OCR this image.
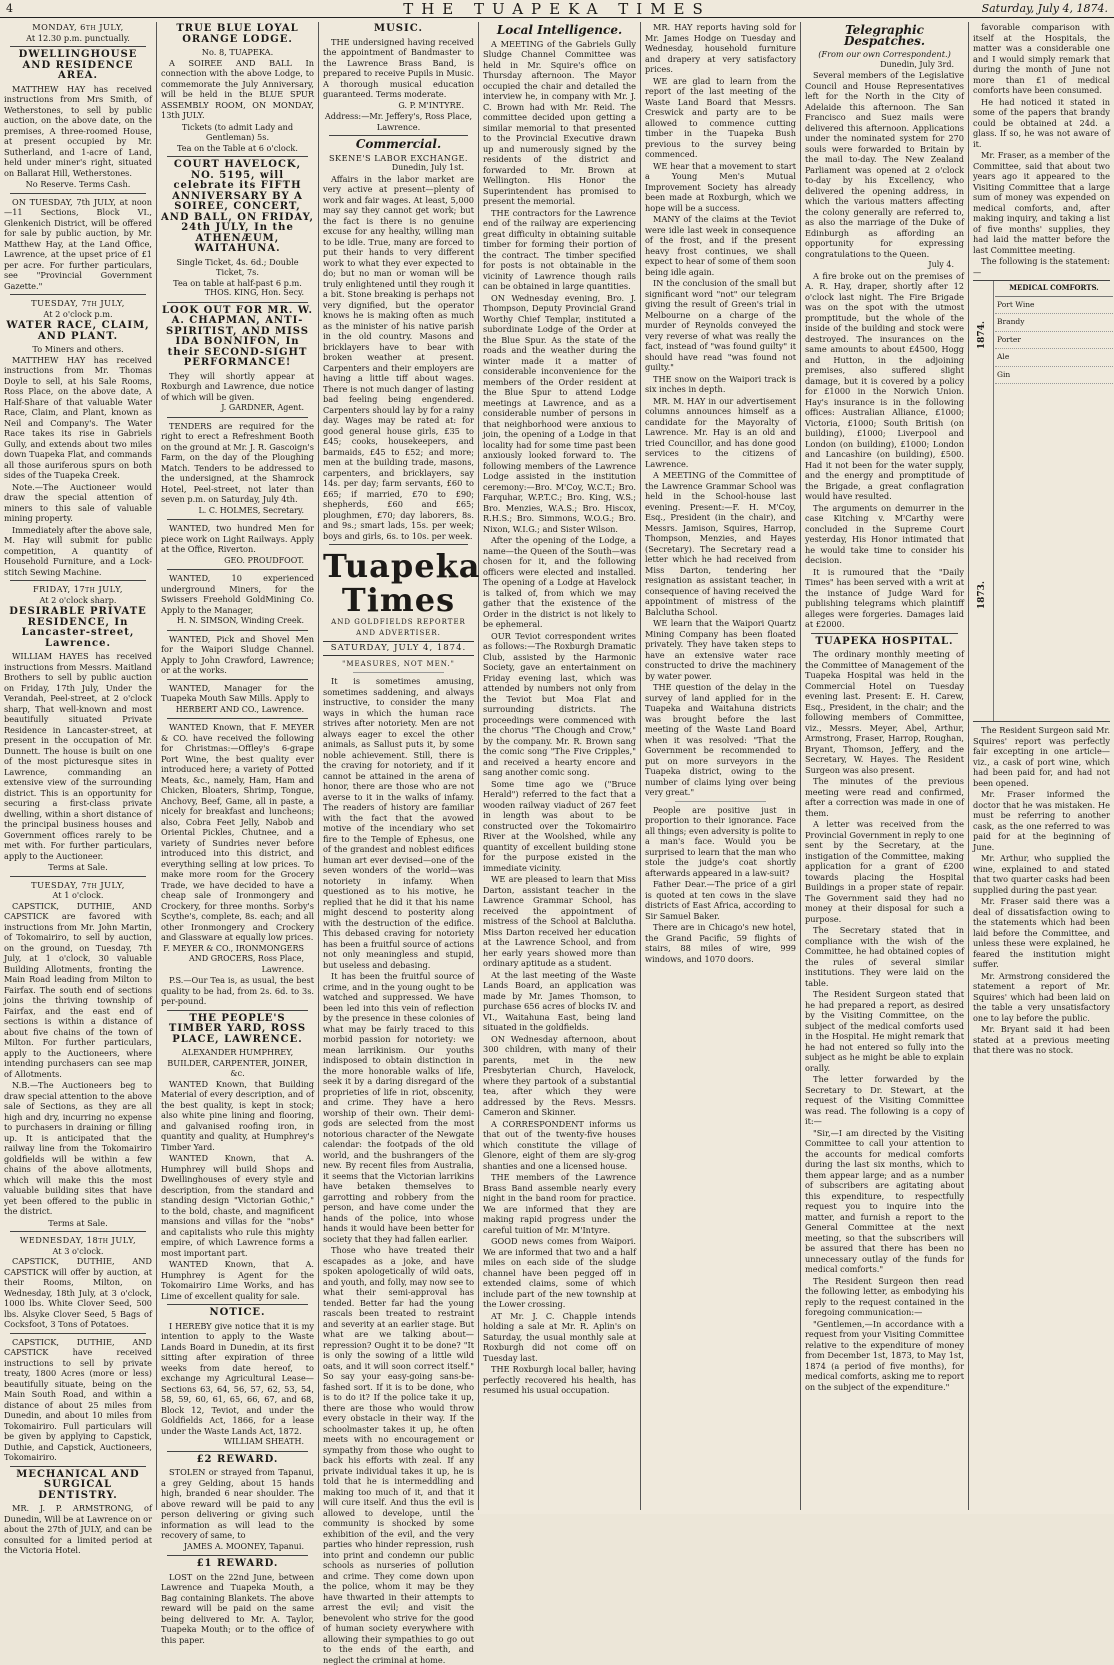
4	THE TUAPEKA TIMES	Saturday, July 4, 1874.
MONDAY, 6th JULY,
At 12.30 p.m. punctually.
DWELLINGHOUSE AND RESIDENCE AREA.

MATTHEW HAY has received instructions from Mrs Smith, of Wetherstones, to sell by public auction, on the above date, on the premises, A three-roomed House, at present occupied by Mr. Sutherland, and 1-acre of Land, held under miner's right, situated on Ballarat Hill, Wetherstones.

No Reserve. Terms Cash.

ON TUESDAY, 7th JULY, at noon—11 Sections, Block VI., Glenkenich District, will be offered for sale by public auction, by Mr. Matthew Hay, at the Land Office, Lawrence, at the upset price of £1 per acre. For further particulars, see "Provincial Government Gazette."

TUESDAY, 7th JULY,
At 2 o'clock p.m.
WATER RACE, CLAIM, AND PLANT.
To Miners and others.

MATTHEW HAY has received instructions from Mr. Thomas Doyle to sell, at his Sale Rooms, Ross Place, on the above date, A Half-Share of that valuable Water Race, Claim, and Plant, known as Neil and Company's. The Water Race takes its rise in Gabriels Gully, and extends about two miles down Tuapeka Flat, and commands all those auriferous spurs on both sides of the Tuapeka Creek.

Note.—The Auctioneer would draw the special attention of miners to this sale of valuable mining property.

Immediately after the above sale, M. Hay will submit for public competition, A quantity of Household Furniture, and a Lock-stitch Sewing Machine.

FRIDAY, 17th JULY,
At 2 o'clock sharp.
DESIRABLE PRIVATE RESIDENCE, In Lancaster-street, Lawrence.

WILLIAM HAYES has received instructions from Messrs. Maitland Brothers to sell by public auction on Friday, 17th July, Under the Verandah, Peel-street, at 2 o'clock sharp, That well-known and most beautifully situated Private Residence in Lancaster-street, at present in the occupation of Mr. Dunnett. The house is built on one of the most picturesque sites in Lawrence, commanding an extensive view of the surrounding district. This is an opportunity for securing a first-class private dwelling, within a short distance of the principal business houses and Government offices rarely to be met with. For further particulars, apply to the Auctioneer.

Terms at Sale.
TUESDAY, 7th JULY,
At 1 o'clock.

CAPSTICK, DUTHIE, AND CAPSTICK are favored with instructions from Mr. John Martin, of Tokomairiro, to sell by auction, on the ground, on Tuesday, 7th July, at 1 o'clock, 30 valuable Building Allotments, fronting the Main Road leading from Milton to Fairfax. The south end of sections joins the thriving township of Fairfax, and the east end of sections is within a distance of about five chains of the town of Milton. For further particulars, apply to the Auctioneers, where intending purchasers can see map of Allotments.

N.B.—The Auctioneers beg to draw special attention to the above sale of Sections, as they are all high and dry, incurring no expense to purchasers in draining or filling up. It is anticipated that the railway line from the Tokomairiro goldfields will be within a few chains of the above allotments, which will make this the most valuable building sites that have yet been offered to the public in the district.

Terms at Sale.
WEDNESDAY, 18th JULY,
At 3 o'clock.

CAPSTICK, DUTHIE, AND CAPSTICK will offer by auction, at their Rooms, Milton, on Wednesday, 18th July, at 3 o'clock, 1000 lbs. White Clover Seed, 500 lbs. Alsyke Clover Seed, 5 Bags of Cocksfoot, 3 Tons of Potatoes.

CAPSTICK, DUTHIE, AND CAPSTICK have received instructions to sell by private treaty, 1800 Acres (more or less) beautifully situate, being on the Main South Road, and within a distance of about 25 miles from Dunedin, and about 10 miles from Tokomairiro. Full particulars will be given by applying to Capstick, Duthie, and Capstick, Auctioneers, Tokomairiro.

MECHANICAL AND SURGICAL DENTISTRY.

MR. J. P. ARMSTRONG, of Dunedin, Will be at Lawrence on or about the 27th of JULY, and can be consulted for a limited period at the Victoria Hotel.

TRUE BLUE LOYAL ORANGE LODGE.
No. 8, TUAPEKA.

A SOIREE AND BALL In connection with the above Lodge, to commemorate the July Anniversary, will be held in the BLUE SPUR ASSEMBLY ROOM, ON MONDAY, 13th JULY.

Tickets (to admit Lady and Gentleman) 5s.
Tea on the Table at 6 o'clock.
COURT HAVELOCK, NO. 5195, will celebrate its FIFTH ANNIVERSARY BY A SOIREE, CONCERT, AND BALL, ON FRIDAY, 24th JULY, In the ATHENÆUM, WAITAHUNA.
Single Ticket, 4s. 6d.; Double Ticket, 7s.
Tea on table at half-past 6 p.m.
THOS. KING, Hon. Secy.
LOOK OUT FOR MR. W. A. CHAPMAN, ANTI-SPIRITIST, AND MISS IDA BONNIFON, In their SECOND-SIGHT PERFORMANCE!

They will shortly appear at Roxburgh and Lawrence, due notice of which will be given.

J. GARDNER, Agent.

TENDERS are required for the right to erect a Refreshment Booth on the ground at Mr. J. R. Gascoign's Farm, on the day of the Ploughing Match. Tenders to be addressed to the undersigned, at the Shamrock Hotel, Peel-street, not later than seven p.m. on Saturday, July 4th.

L. C. HOLMES, Secretary.

WANTED, two hundred Men for piece work on Light Railways. Apply at the Office, Riverton.

GEO. PROUDFOOT.

WANTED, 10 experienced underground Miners, for the Swissers Freehold GoldMining Co. Apply to the Manager,

H. N. SIMSON, Winding Creek.

WANTED, Pick and Shovel Men for the Waipori Sludge Channel. Apply to John Crawford, Lawrence; or at the works.

WANTED, Manager for the Tuapeka Mouth Saw Mills. Apply to

HERBERT AND CO., Lawrence.

WANTED Known, that F. MEYER & CO. have received the following for Christmas:—Offley's 6-grape Port Wine, the best quality ever introduced here; a variety of Potted Meats, &c., namely, Ham, Ham and Chicken, Bloaters, Shrimp, Tongue, Anchovy, Beef, Game, all in paste, a nicely for breakfast and luncheons; also, Cobra Feet Jelly, Nabob and Oriental Pickles, Chutnee, and a variety of Sundries never before introduced into this district, and everything selling at low prices. To make more room for the Grocery Trade, we have decided to have a cheap sale of Ironmongery and Crockery, for three months. Sorby's Scythe's, complete, 8s. each; and all other Ironmongery and Crockery and Glassware at equally low prices.

F. MEYER & CO., IRONMONGERS AND GROCERS, Ross Place, Lawrence.

P.S.—Our Tea is, as usual, the best quality to be had, from 2s. 6d. to 3s. per-pound.

THE PEOPLE'S TIMBER YARD, ROSS PLACE, LAWRENCE.
ALEXANDER HUMPHREY, BUILDER, CARPENTER, JOINER, &c.

WANTED Known, that Building Material of every description, and of the best quality, is kept in stock; also white pine lining and flooring, and galvanised roofing iron, in quantity and quality, at Humphrey's Timber Yard.

WANTED Known, that A. Humphrey will build Shops and Dwellinghouses of every style and description, from the standard and standing design "Victorian Gothic," to the bold, chaste, and magnificent mansions and villas for the "nobs" and capitalists who rule this mighty empire, of which Lawrence forms a most important part.

WANTED Known, that A. Humphrey is Agent for the Tokomairiro Lime Works, and has Lime of excellent quality for sale.

NOTICE.

I HEREBY give notice that it is my intention to apply to the Waste Lands Board in Dunedin, at its first sitting after expiration of three weeks from date hereof, to exchange my Agricultural Lease—Sections 63, 64, 56, 57, 62, 53, 54, 58, 59, 60, 61, 65, 66, 67, and 68, Block 12, Teviot, and under the Goldfields Act, 1866, for a lease under the Waste Lands Act, 1872.

WILLIAM SHEATH.
£2 REWARD.

STOLEN or strayed from Tapanui, a grey Gelding, about 15 hands high, branded 6 near shoulder. The above reward will be paid to any person delivering or giving such information as will lead to the recovery of same, to

JAMES A. MOONEY, Tapanui.
£1 REWARD.

LOST on the 22nd June, between Lawrence and Tuapeka Mouth, a Bag containing Blankets. The above reward will be paid on the same being delivered to Mr. A. Taylor, Tuapeka Mouth; or to the office of this paper.

MUSIC.

THE undersigned having received the appointment of Bandmaster to the Lawrence Brass Band, is prepared to receive Pupils in Music. A thorough musical education guaranteed. Terms moderate.

G. P. M'INTYRE.
Address:—Mr. Jeffery's, Ross Place, Lawrence.
Commercial.
SKENE'S LABOR EXCHANGE.
Dunedin, July 1st.

Affairs in the labor market are very active at present—plenty of work and fair wages. At least, 5,000 may say they cannot get work; but the fact is there is no genuine excuse for any healthy, willing man to be idle. True, many are forced to put their hands to very different work to what they ever expected to do; but no man or woman will be truly enlightened until they rough it a bit. Stone breaking is perhaps not very dignified, but the operator knows he is making often as much as the minister of his native parish in the old country. Masons and bricklayers have to bear with broken weather at present. Carpenters and their employers are having a little tiff about wages. There is not much danger of lasting bad feeling being engendered. Carpenters should lay by for a rainy day. Wages may be rated at: for good general house girls, £35 to £45; cooks, housekeepers, and barmaids, £45 to £52; and more; men at the building trade, masons, carpenters, and bricklayers, say 14s. per day; farm servants, £60 to £65; if married, £70 to £90; shepherds, £60 and £65; ploughmen, £70; day laborers, 8s. and 9s.; smart lads, 15s. per week; boys and girls, 6s. to 10s. per week.

Tuapeka Times
AND GOLDFIELDS REPORTER AND ADVERTISER.
SATURDAY, JULY 4, 1874.
"MEASURES, NOT MEN."

It is sometimes amusing, sometimes saddening, and always instructive, to consider the many ways in which the human race strives after notoriety. Men are not always eager to excel the other animals, as Sallust puts it, by some noble achievement. Still, there is the craving for notoriety, and if it cannot be attained in the arena of honor, there are those who are not averse to it in the walks of infamy. The readers of history are familiar with the fact that the avowed motive of the incendiary who set fire to the Temple of Ephesus, one of the grandest and noblest edifices human art ever devised—one of the seven wonders of the world—was notoriety in infamy. When questioned as to his motive, he replied that he did it that his name might descend to posterity along with the destruction of the edifice. This debased craving for notoriety has been a fruitful source of actions not only meaningless and stupid, but useless and debasing.

It has been the fruitful source of crime, and in the young ought to be watched and suppressed. We have been led into this vein of reflection by the presence in these colonies of what may be fairly traced to this morbid passion for notoriety: we mean larrikinism. Our youths indisposed to obtain distinction in the more honorable walks of life, seek it by a daring disregard of the proprieties of life in riot, obscenity, and crime. They have a hero worship of their own. Their demi-gods are selected from the most notorious character of the Newgate calendar: the footpads of the old world, and the bushrangers of the new. By recent files from Australia, it seems that the Victorian larrikins have betaken themselves to garrotting and robbery from the person, and have come under the hands of the police, into whose hands it would have been better for society that they had fallen earlier.

Those who have treated their escapades as a joke, and have spoken apologetically of wild oats, and youth, and folly, may now see to what their semi-approval has tended. Better far had the young rascals been treated to restraint and severity at an earlier stage. But what are we talking about—repression? Ought it to be done? "It is only the sowing of a little wild oats, and it will soon correct itself." So say your easy-going sans-be-fashed sort. If it is to be done, who is to do it? If the police take it up, there are those who would throw every obstacle in their way. If the schoolmaster takes it up, he often meets with no encouragement or sympathy from those who ought to back his efforts with zeal. If any private individual takes it up, he is told that he is intermeddling and making too much of it, and that it will cure itself. And thus the evil is allowed to develope, until the community is shocked by some exhibition of the evil, and the very parties who hinder repression, rush into print and condemn our public schools as nurseries of pollution and crime. They come down upon the police, whom it may be they have thwarted in their attempts to arrest the evil; and visit the benevolent who strive for the good of human society everywhere with allowing their sympathies to go out to the ends of the earth, and neglect the criminal at home.

Local Intelligence.

A MEETING of the Gabriels Gully Sludge Channel Committee was held in Mr. Squire's office on Thursday afternoon. The Mayor occupied the chair and detailed the interview he, in company with Mr. J. C. Brown had with Mr. Reid. The committee decided upon getting a similar memorial to that presented to the Provincial Executive drawn up and numerously signed by the residents of the district and forwarded to Mr. Brown at Wellington. His Honor the Superintendent has promised to present the memorial.

THE contractors for the Lawrence end of the railway are experiencing great difficulty in obtaining suitable timber for forming their portion of the contract. The timber specified for posts is not obtainable in the vicinity of Lawrence though rails can be obtained in large quantities.

ON Wednesday evening, Bro. J. Thompson, Deputy Provincial Grand Worthy Chief Templar, instituted a subordinate Lodge of the Order at the Blue Spur. As the state of the roads and the weather during the winter made it a matter of considerable inconvenience for the members of the Order resident at the Blue Spur to attend Lodge meetings at Lawrence, and as a considerable number of persons in that neighborhood were anxious to join, the opening of a Lodge in that locality had for some time past been anxiously looked forward to. The following members of the Lawrence Lodge assisted in the institution ceremony:—Bro. M'Coy, W.C.T.; Bro. Farquhar, W.P.T.C.; Bro. King, W.S.; Bro. Menzies, W.A.S.; Bro. Hiscox, R.H.S.; Bro. Simmons, W.O.G.; Bro. Nixon, W.I.G.; and Sister Wilson.

After the opening of the Lodge, a name—the Queen of the South—was chosen for it, and the following officers were elected and installed. The opening of a Lodge at Havelock is talked of, from which we may gather that the existence of the Order in the district is not likely to be ephemeral.

OUR Teviot correspondent writes as follows:—The Roxburgh Dramatic Club, assisted by the Harmonic Society, gave an entertainment on Friday evening last, which was attended by numbers not only from the Teviot but Moa Flat and surrounding districts. The proceedings were commenced with the chorus "The Chough and Crow," by the company. Mr. R. Brown sang the comic song "The Five Cripples," and received a hearty encore and sang another comic song.

Some time ago we ("Bruce Herald") referred to the fact that a wooden railway viaduct of 267 feet in length was about to be constructed over the Tokomairiro River at the Woolshed, while any quantity of excellent building stone for the purpose existed in the immediate vicinity.

WE are pleased to learn that Miss Darton, assistant teacher in the Lawrence Grammar School, has received the appointment of mistress of the School at Balclutha. Miss Darton received her education at the Lawrence School, and from her early years showed more than ordinary aptitude as a student.

At the last meeting of the Waste Lands Board, an application was made by Mr. James Thomson, to purchase 656 acres of blocks IV. and VI., Waitahuna East, being land situated in the goldfields.

ON Wednesday afternoon, about 300 children, with many of their parents, met in the new Presbyterian Church, Havelock, where they partook of a substantial tea, after which they were addressed by the Revs. Messrs. Cameron and Skinner.

A CORRESPONDENT informs us that out of the twenty-five houses which constitute the village of Glenore, eight of them are sly-grog shanties and one a licensed house.

THE members of the Lawrence Brass Band assemble nearly every night in the band room for practice. We are informed that they are making rapid progress under the careful tuition of Mr. M'Intyre.

GOOD news comes from Waipori. We are informed that two and a half miles on each side of the sludge channel have been pegged off in extended claims, some of which include part of the new township at the Lower crossing.

AT Mr. J. C. Chapple intends holding a sale at Mr. R. Aplin's on Saturday, the usual monthly sale at Roxburgh did not come off on Tuesday last.

THE Roxburgh local baller, having perfectly recovered his health, has resumed his usual occupation.

MR. HAY reports having sold for Mr. James Hodge on Tuesday and Wednesday, household furniture and drapery at very satisfactory prices.

WE are glad to learn from the report of the last meeting of the Waste Land Board that Messrs. Creswick and party are to be allowed to commence cutting timber in the Tuapeka Bush previous to the survey being commenced.

WE hear that a movement to start a Young Men's Mutual Improvement Society has already been made at Roxburgh, which we hope will be a success.

MANY of the claims at the Teviot were idle last week in consequence of the frost, and if the present heavy frost continues, we shall expect to hear of some of them soon being idle again.

IN the conclusion of the small but significant word "not" our telegram giving the result of Green's trial in Melbourne on a charge of the murder of Reynolds conveyed the very reverse of what was really the fact, instead of "was found guilty" it should have read "was found not guilty."

THE snow on the Waipori track is six inches in depth.

MR. M. HAY in our advertisement columns announces himself as a candidate for the Mayoralty of Lawrence. Mr. Hay is an old and tried Councillor, and has done good services to the citizens of Lawrence.

A MEETING of the Committee of the Lawrence Grammar School was held in the School-house last evening. Present:—F. H. M'Coy, Esq., President (in the chair), and Messrs. Jamison, Squires, Harrop, Thompson, Menzies, and Hayes (Secretary). The Secretary read a letter which he had received from Miss Darton, tendering her resignation as assistant teacher, in consequence of having received the appointment of mistress of the Balclutha School.

WE learn that the Waipori Quartz Mining Company has been floated privately. They have taken steps to have an extensive water race constructed to drive the machinery by water power.

THE question of the delay in the survey of land applied for in the Tuapeka and Waitahuna districts was brought before the last meeting of the Waste Land Board when it was resolved: "That the Government be recommended to put on more surveyors in the Tuapeka district, owing to the number of claims lying over being very great."

People are positive just in proportion to their ignorance. Face all things; even adversity is polite to a man's face. Would you be surprised to learn that the man who stole the judge's coat shortly afterwards appeared in a law-suit?

Father Dear.—The price of a girl is quoted at ten cows in the slave districts of East Africa, according to Sir Samuel Baker.

There are in Chicago's new hotel, the Grand Pacific, 59 flights of stairs, 88 miles of wire, 999 windows, and 1070 doors.

Telegraphic Despatches.
(From our own Correspondent.)
Dunedin, July 3rd.

Several members of the Legislative Council and House Representatives left for the North in the City of Adelaide this afternoon. The San Francisco and Suez mails were delivered this afternoon. Applications under the nominated system for 270 souls were forwarded to Britain by the mail to-day. The New Zealand Parliament was opened at 2 o'clock to-day by his Excellency, who delivered the opening address, in which the various matters affecting the colony generally are referred to, as also the marriage of the Duke of Edinburgh as affording an opportunity for expressing congratulations to the Queen.

July 4.

A fire broke out on the premises of A. R. Hay, draper, shortly after 12 o'clock last night. The Fire Brigade was on the spot with the utmost promptitude, but the whole of the inside of the building and stock were destroyed. The insurances on the same amounts to about £4500, Hogg and Hutton, in the adjoining premises, also suffered slight damage, but it is covered by a policy for £1000 in the Norwich Union. Hay's insurance is in the following offices: Australian Alliance, £1000; Victoria, £1000; South British (on building), £1000; Liverpool and London (on building), £1000; London and Lancashire (on building), £500. Had it not been for the water supply, and the energy and promptitude of the Brigade, a great conflagration would have resulted.

The arguments on demurrer in the case Kitching v. M'Carthy were concluded in the Supreme Court yesterday, His Honor intimated that he would take time to consider his decision.

It is rumoured that the "Daily Times" has been served with a writ at the instance of Judge Ward for publishing telegrams which plaintiff alleges were forgeries. Damages laid at £2000.

TUAPEKA HOSPITAL.

The ordinary monthly meeting of the Committee of Management of the Tuapeka Hospital was held in the Commercial Hotel on Tuesday evening last. Present: E. H. Carew, Esq., President, in the chair; and the following members of Committee, viz., Messrs. Meyer, Abel, Arthur, Armstrong, Fraser, Harrop, Roughan, Bryant, Thomson, Jeffery, and the Secretary, W. Hayes. The Resident Surgeon was also present.

The minutes of the previous meeting were read and confirmed, after a correction was made in one of them.

A letter was received from the Provincial Government in reply to one sent by the Secretary, at the instigation of the Committee, making application for a grant of £200 towards placing the Hospital Buildings in a proper state of repair. The Government said they had no money at their disposal for such a purpose.

The Secretary stated that in compliance with the wish of the Committee, he had obtained copies of the rules of several similar institutions. They were laid on the table.

The Resident Surgeon stated that he had prepared a report, as desired by the Visiting Committee, on the subject of the medical comforts used in the Hospital. He might remark that he had not entered so fully into the subject as he might be able to explain orally.

The letter forwarded by the Secretary to Dr. Stewart, at the request of the Visiting Committee was read. The following is a copy of it:—

"Sir,—I am directed by the Visiting Committee to call your attention to the accounts for medical comforts during the last six months, which to them appear large; and as a number of subscribers are agitating about this expenditure, to respectfully request you to inquire into the matter, and furnish a report to the General Committee at the next meeting, so that the subscribers will be assured that there has been no unnecessary outlay of the funds for medical comforts."

The Resident Surgeon then read the following letter, as embodying his reply to the request contained in the foregoing communication:—

"Gentlemen,—In accordance with a request from your Visiting Committee relative to the expenditure of money from December 1st, 1873, to May 1st, 1874 (a period of five months), for medical comforts, asking me to report on the subject of the expenditure."

favorable comparison with itself at the Hospitals, the matter was a considerable one and I would simply remark that during the month of June not more than £1 of medical comforts have been consumed.

He had noticed it stated in some of the papers that brandy could be obtained at 24d. a glass. If so, he was not aware of it.

Mr. Fraser, as a member of the Committee, said that about two years ago it appeared to the Visiting Committee that a large sum of money was expended on medical comforts, and, after making inquiry, and taking a list of five months' supplies, they had laid the matter before the last Committee meeting.

The following is the statement:—

1874.
1873.
MEDICAL COMFORTS.
Port Wine
Brandy
Porter
Ale
Gin

The Resident Surgeon said Mr. Squires' report was perfectly fair excepting in one article—viz., a cask of port wine, which had been paid for, and had not been opened.

Mr. Fraser informed the doctor that he was mistaken. He must be referring to another cask, as the one referred to was paid for at the beginning of June.

Mr. Arthur, who supplied the wine, explained to and stated that two quarter casks had been supplied during the past year.

Mr. Fraser said there was a deal of dissatisfaction owing to the statements which had been laid before the Committee, and unless these were explained, he feared the institution might suffer.

Mr. Armstrong considered the statement a report of Mr. Squires' which had been laid on the table a very unsatisfactory one to lay before the public.

Mr. Bryant said it had been stated at a previous meeting that there was no stock.
